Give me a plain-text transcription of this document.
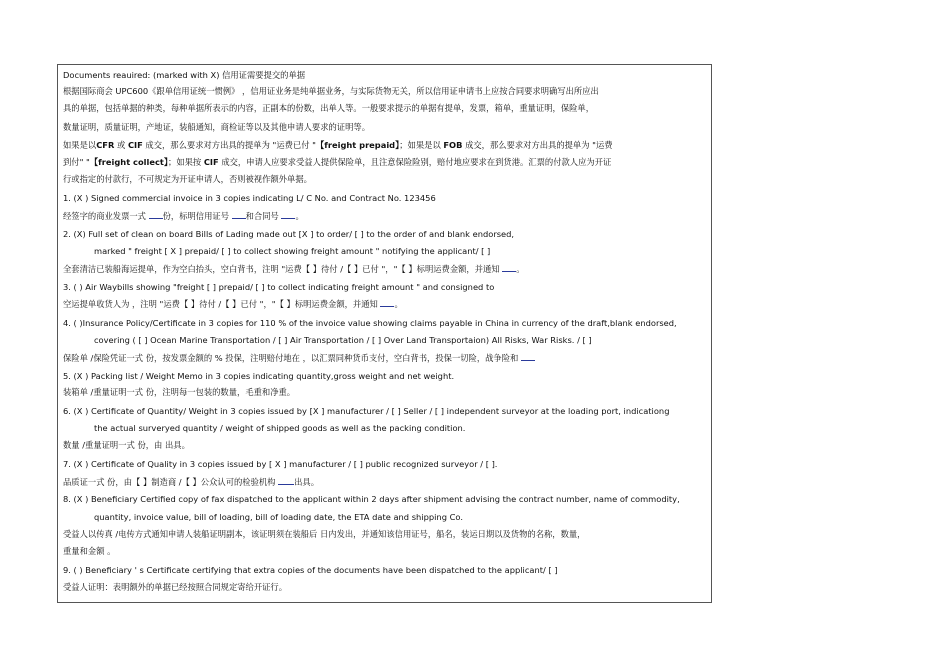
Documents reauired: (marked with X) 信用证需要提交的单据
根据国际商会 UPC600《跟单信用证统一惯例》 ，信用证业务是纯单据业务，与实际货物无关，所以信用证申请书上应按合同要求明确写出所应出
具的单据，包括单据的种类，每种单据所表示的内容，正副本的份数，出单人等。一般要求提示的单据有提单，发票，箱单，重量证明，保险单，
数量证明，质量证明，产地证，装船通知，商检证等以及其他申请人要求的证明等。
如果是以CFR 或 CIF 成交，那么要求对方出具的提单为 "运费已付 "【freight prepaid】；如果是以 FOB 成交，那么要求对方出具的提单为 "运费
到付" "【freight collect】；如果按 CIF 成交，申请人应要求受益人提供保险单，且注意保险险别，赔付地应要求在到货港。汇票的付款人应为开证
行或指定的付款行，不可规定为开证申请人，否则被视作额外单据。
1. (X ) Signed commercial invoice in 3 copies indicating L/ C No. and Contract No. 123456
经签字的商业发票一式 份，标明信用证号 和合同号 。
2. (X) Full set of clean on board Bills of Lading made out [X ] to order/ [ ] to the order of and blank endorsed,
marked " freight [ X ] prepaid/ [ ] to collect showing freight amount " notifying the applicant/ [ ]
全套清洁已装船海运提单，作为空白抬头，空白背书，注明 "运费【 】待付 /【 】已付 "，"【 】标明运费金额，并通知 。
3. ( ) Air Waybills showing "freight [ ] prepaid/ [ ] to collect indicating freight amount " and consigned to
空运提单收货人为 ，注明 "运费【 】待付 /【 】已付 "，"【 】标明运费金额，并通知 。
4. ( )Insurance Policy/Certificate in 3 copies for 110 % of the invoice value showing claims payable in China in currency of the draft,blank endorsed,
covering ( [ ] Ocean Marine Transportation / [ ] Air Transportation / [ ] Over Land Transportaion) All Risks, War Risks. / [ ]
保险单 /保险凭证一式 份，按发票金额的 % 投保，注明赔付地在 ，以汇票同种货币支付，空白背书，投保一切险，战争险和
5. (X ) Packing list / Weight Memo in 3 copies indicating quantity,gross weight and net weight.
装箱单 /重量证明一式 份，注明每一包装的数量，毛重和净重。
6. (X ) Certificate of Quantity/ Weight in 3 copies issued by [X ] manufacturer / [ ] Seller / [ ] independent surveyor at the loading port, indicationg
the actual surveryed quantity / weight of shipped goods as well as the packing condition.
数量 /重量证明一式 份，由 出具。
7. (X ) Certificate of Quality in 3 copies issued by [ X ] manufacturer / [ ] public recognized surveyor / [ ].
品质证一式 份，由【 】制造商 /【 】公众认可的检验机构 出具。
8. (X ) Beneficiary Certified copy of fax dispatched to the applicant within 2 days after shipment advising the contract number, name of commodity,
quantity, invoice value, bill of loading, bill of loading date, the ETA date and shipping Co.
受益人以传真 /电传方式通知申请人装船证明副本，该证明须在装船后 日内发出，并通知该信用证号，船名，装运日期以及货物的名称，数量，
重量和金额 。
9. ( ) Beneficiary ' s Certificate certifying that extra copies of the documents have been dispatched to the applicant/ [ ]
受益人证明：表明额外的单据已经按照合同规定寄给开证行。
